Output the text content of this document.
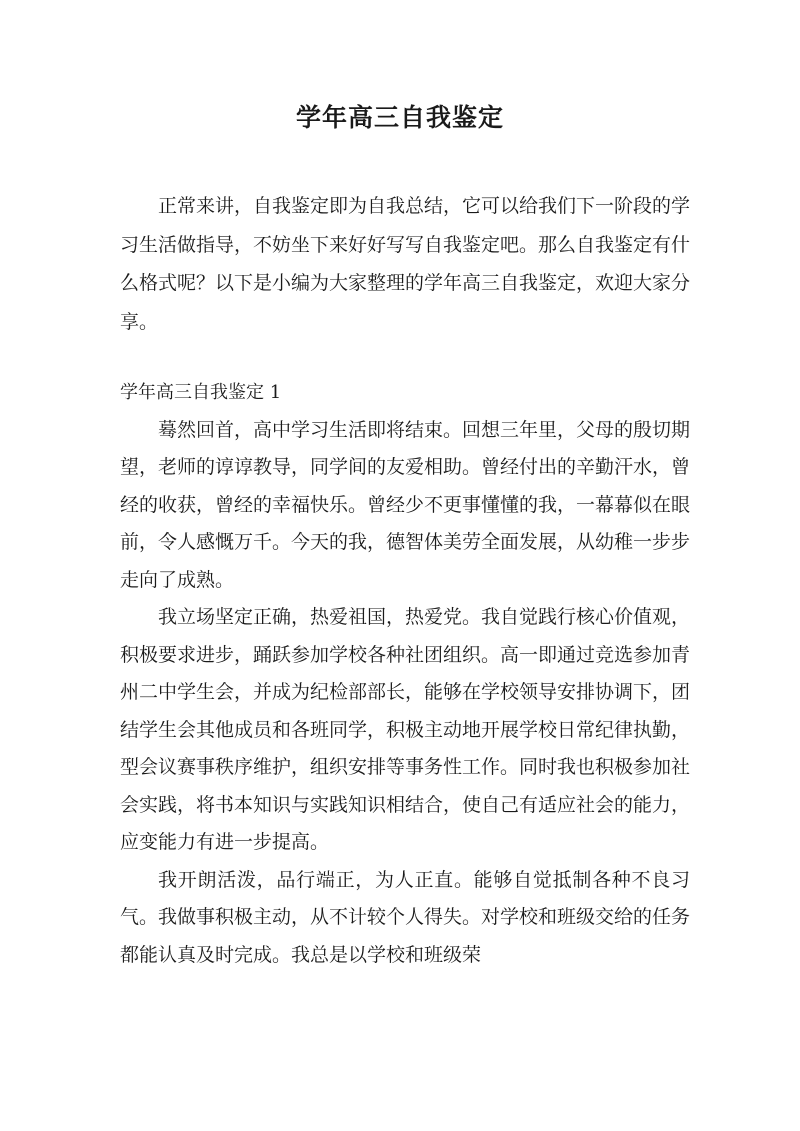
学年高三自我鉴定

正常来讲，自我鉴定即为自我总结，它可以给我们下一阶段的学习生活做指导，不妨坐下来好好写写自我鉴定吧。那么自我鉴定有什么格式呢？以下是小编为大家整理的学年高三自我鉴定，欢迎大家分享。

学年高三自我鉴定 1

蓦然回首，高中学习生活即将结束。回想三年里，父母的殷切期望，老师的谆谆教导，同学间的友爱相助。曾经付出的辛勤汗水，曾经的收获，曾经的幸福快乐。曾经少不更事懂懂的我，一幕幕似在眼前，令人感慨万千。今天的我，德智体美劳全面发展，从幼稚一步步走向了成熟。

我立场坚定正确，热爱祖国，热爱党。我自觉践行核心价值观，积极要求进步，踊跃参加学校各种社团组织。高一即通过竞选参加青州二中学生会，并成为纪检部部长，能够在学校领导安排协调下，团结学生会其他成员和各班同学，积极主动地开展学校日常纪律执勤，型会议赛事秩序维护，组织安排等事务性工作。同时我也积极参加社会实践，将书本知识与实践知识相结合，使自己有适应社会的能力，应变能力有进一步提高。

我开朗活泼，品行端正，为人正直。能够自觉抵制各种不良习气。我做事积极主动，从不计较个人得失。对学校和班级交给的任务都能认真及时完成。我总是以学校和班级荣
